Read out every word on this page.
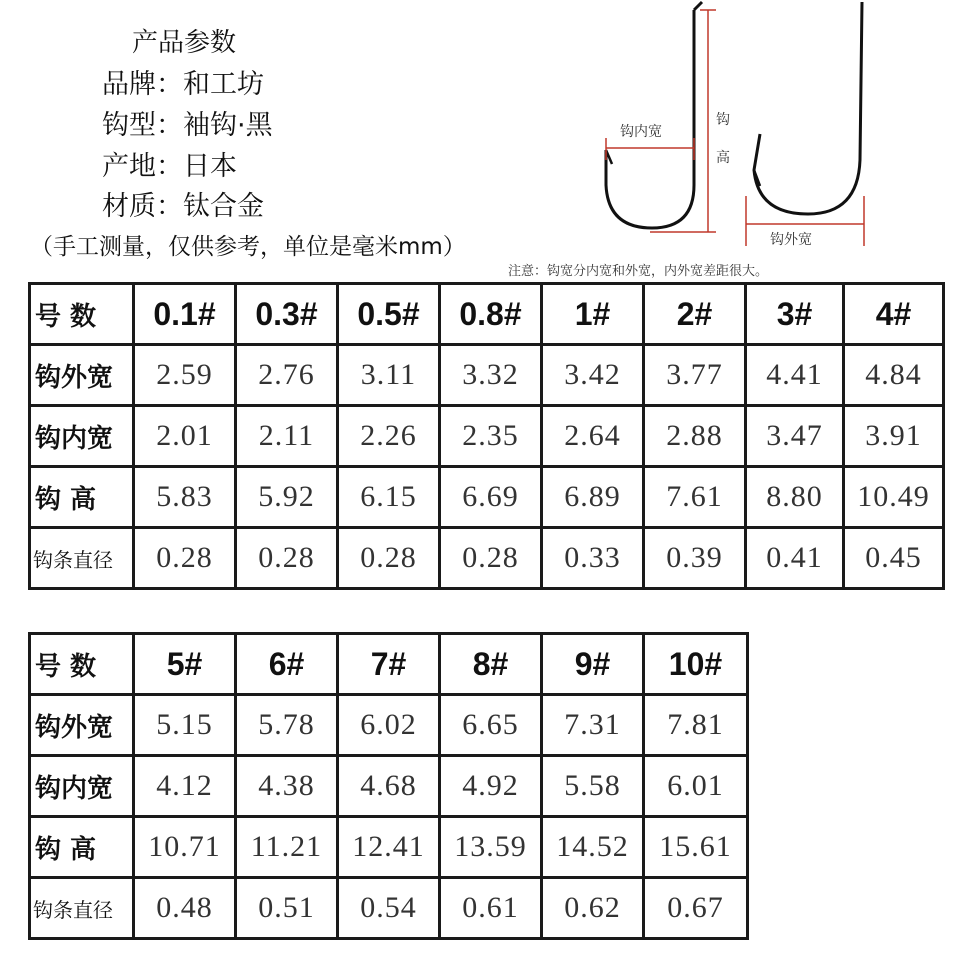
产品参数
品牌：和工坊
钩型：袖钩·黑
产地：日本
材质：钛合金
（手工测量，仅供参考，单位是毫米mm）
钩内宽
钩
高
钩外宽
注意：钩宽分内宽和外宽，内外宽差距很大。
号 数	0.1#	0.3#	0.5#	0.8#	1#	2#	3#	4#
钩外宽	2.59	2.76	3.11	3.32	3.42	3.77	4.41	4.84
钩内宽	2.01	2.11	2.26	2.35	2.64	2.88	3.47	3.91
钩 高	5.83	5.92	6.15	6.69	6.89	7.61	8.80	10.49
钩条直径	0.28	0.28	0.28	0.28	0.33	0.39	0.41	0.45
号 数	5#	6#	7#	8#	9#	10#
钩外宽	5.15	5.78	6.02	6.65	7.31	7.81
钩内宽	4.12	4.38	4.68	4.92	5.58	6.01
钩 高	10.71	11.21	12.41	13.59	14.52	15.61
钩条直径	0.48	0.51	0.54	0.61	0.62	0.67
